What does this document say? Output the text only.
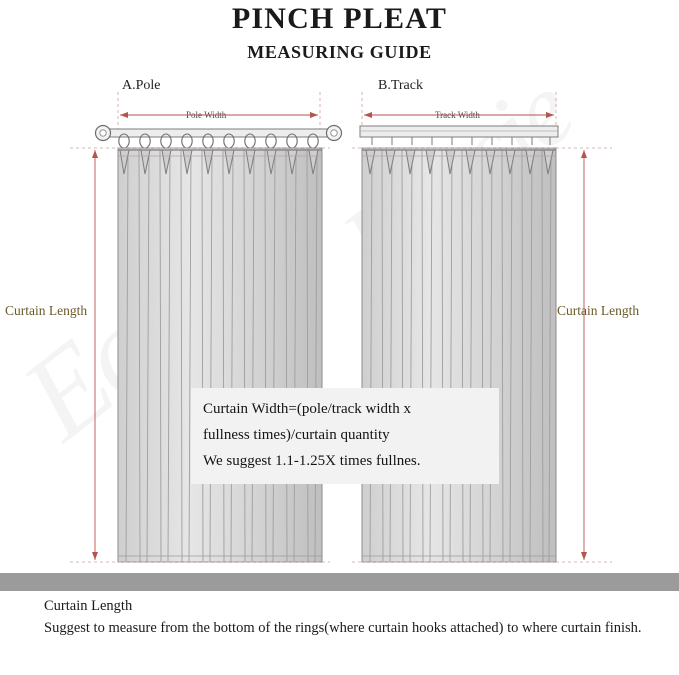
PINCH PLEAT
MEASURING GUIDE
A.Pole	B.Track
Pole Width	Track Width
Curtain Length	Curtain Length
Curtain Width=(pole/track width x
fullness times)/curtain quantity
We suggest 1.1-1.25X times fullnes.
Curtain Length
Suggest to measure from the bottom of the rings(where curtain hooks attached) to where curtain finish.
